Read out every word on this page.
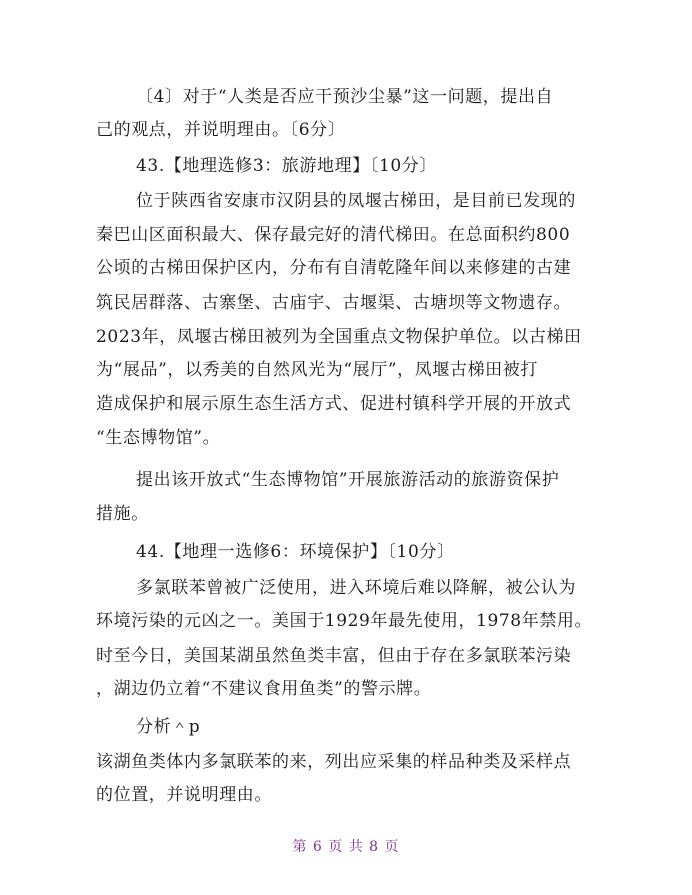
〔4〕对于“人类是否应干预沙尘暴”这一问题，提出自
己的观点，并说明理由。〔6分〕
43.【地理选修3：旅游地理】〔10分〕
位于陕西省安康市汉阴县的凤堰古梯田，是目前已发现的
秦巴山区面积最大、保存最完好的清代梯田。在总面积约800
公顷的古梯田保护区内，分布有自清乾隆年间以来修建的古建
筑民居群落、古寨堡、古庙宇、古堰渠、古塘坝等文物遗存。
2023年，凤堰古梯田被列为全国重点文物保护单位。以古梯田
为“展品”，以秀美的自然风光为“展厅”，凤堰古梯田被打
造成保护和展示原生态生活方式、促进村镇科学开展的开放式
“生态博物馆”。
提出该开放式“生态博物馆”开展旅游活动的旅游资保护
措施。
44.【地理一选修6：环境保护】〔10分〕
多氯联苯曾被广泛使用，进入环境后难以降解，被公认为
环境污染的元凶之一。美国于1929年最先使用，1978年禁用。
时至今日，美国某湖虽然鱼类丰富，但由于存在多氯联苯污染
，湖边仍立着“不建议食用鱼类”的警示牌。
分析＾p
该湖鱼类体内多氯联苯的来，列出应采集的样品种类及采样点
的位置，并说明理由。
第 6 页 共 8 页
